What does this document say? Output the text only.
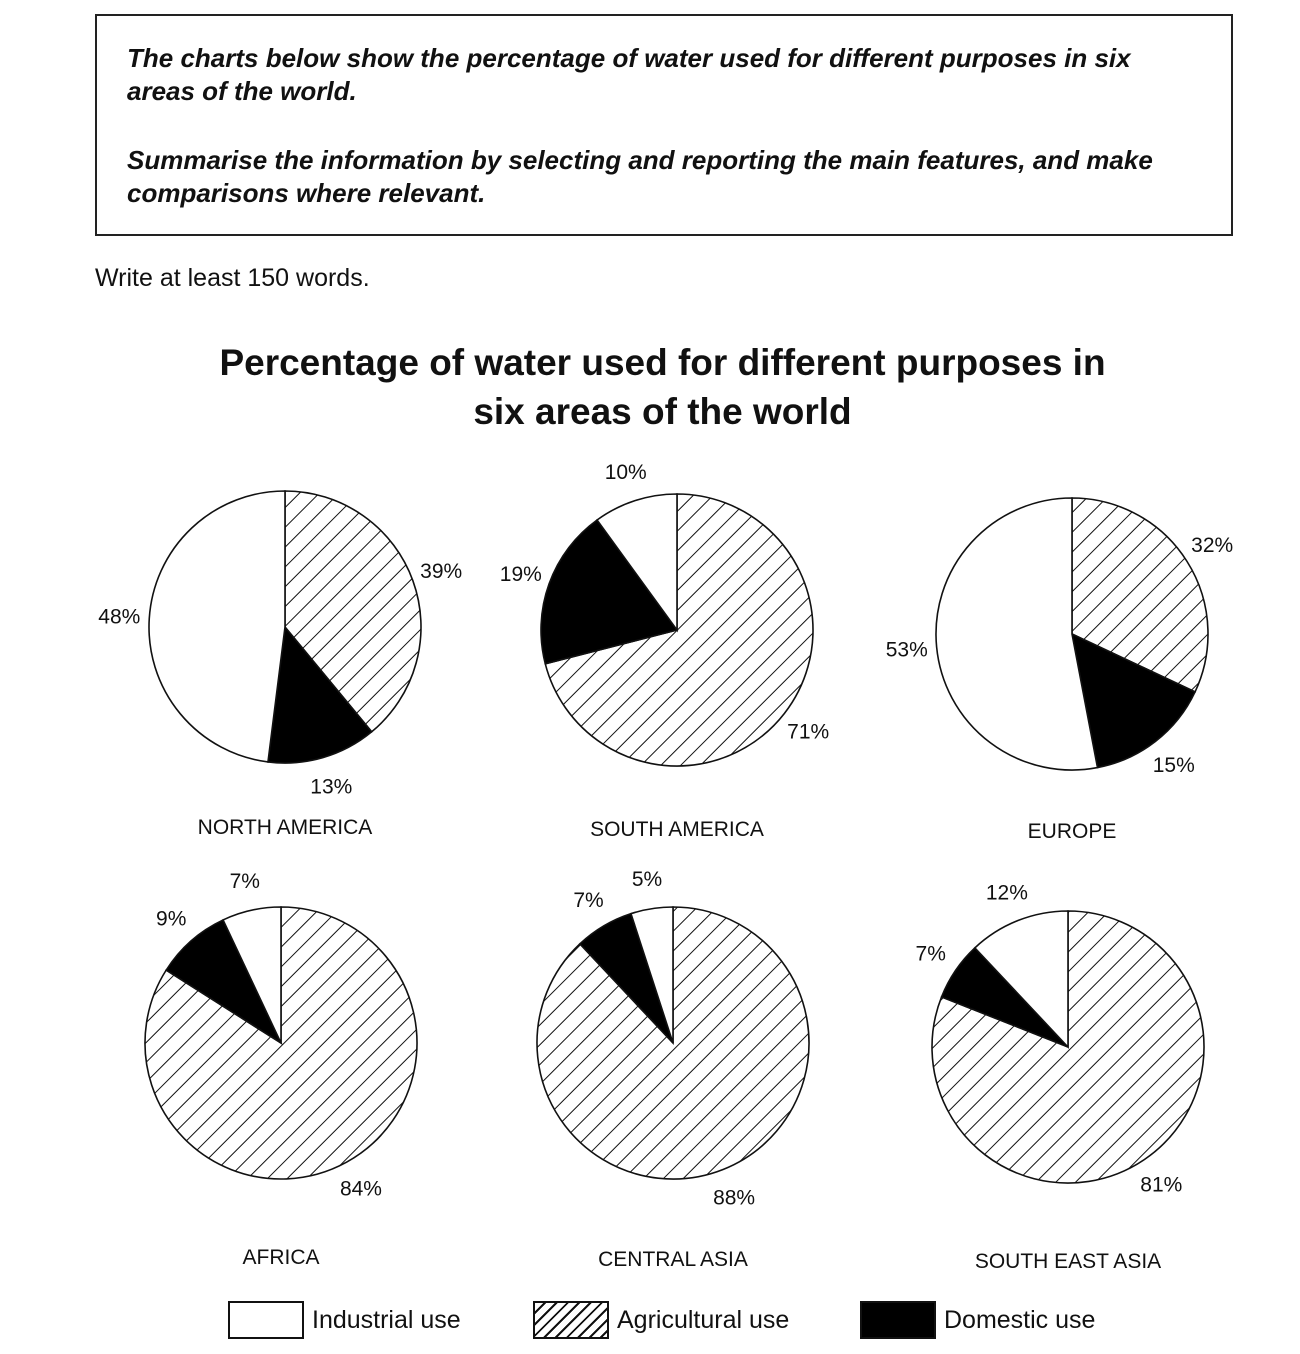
The charts below show the percentage of water used for different purposes in six areas of the world.

Summarise the information by selecting and reporting the main features, and make comparisons where relevant.

Write at least 150 words.
Percentage of water used for different purposes in six areas of the world
39%
13%
48%
NORTH AMERICA
71%
19%
10%
SOUTH AMERICA
32%
15%
53%
EUROPE
84%
9%
7%
AFRICA
88%
7%
5%
CENTRAL ASIA
81%
7%
12%
SOUTH EAST ASIA
Industrial use	Agricultural use	Domestic use
